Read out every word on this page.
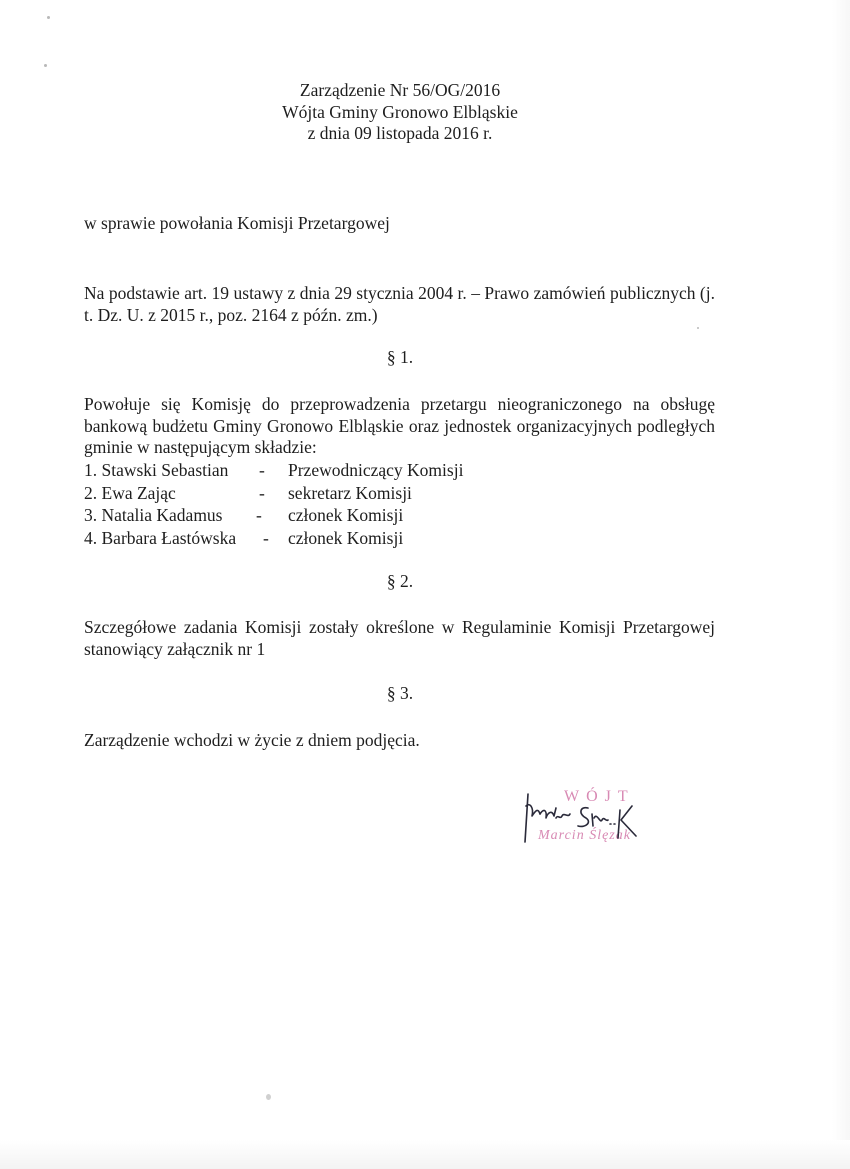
Zarządzenie Nr 56/OG/2016
Wójta Gminy Gronowo Elbląskie
z dnia 09 listopada 2016 r.
w sprawie powołania Komisji Przetargowej
Na podstawie art. 19 ustawy z dnia 29 stycznia 2004 r. – Prawo zamówień publicznych (j. t. Dz. U. z 2015 r., poz. 2164 z późn. zm.)
§ 1.
Powołuje się Komisję do przeprowadzenia przetargu nieograniczonego na obsługę bankową budżetu Gminy Gronowo Elbląskie oraz jednostek organizacyjnych podległych gminie w następującym składzie:
1. Stawski Sebastian - Przewodniczący Komisji
2. Ewa Zając	- sekretarz Komisji
3. Natalia Kadamus - członek Komisji
4. Barbara Łastówska - członek Komisji
§ 2.
Szczegółowe zadania Komisji zostały określone w Regulaminie Komisji Przetargowej stanowiący załącznik nr 1
§ 3.
Zarządzenie wchodzi w życie z dniem podjęcia.
WÓJT
Marcin Ślęzak
